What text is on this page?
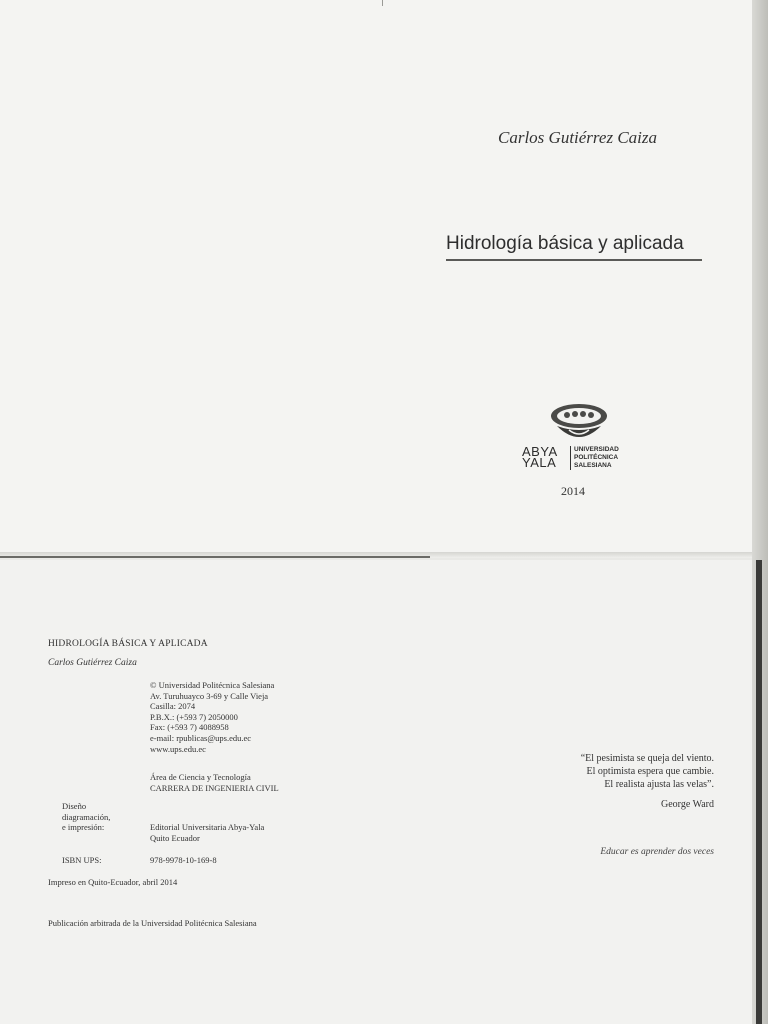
Carlos Gutiérrez Caiza
Hidrología básica y aplicada
ABYA
YALA
UNIVERSIDAD
POLITÉCNICA
SALESIANA
2014
HIDROLOGÍA BÁSICA Y APLICADA
Carlos Gutiérrez Caiza
© Universidad Politécnica Salesiana
Av. Turuhuayco 3-69 y Calle Vieja
Casilla: 2074
P.B.X.: (+593 7) 2050000
Fax: (+593 7) 4088958
e-mail: rpublicas@ups.edu.ec
www.ups.edu.ec
Área de Ciencia y Tecnología
CARRERA DE INGENIERIA CIVIL
Diseño
diagramación,
e impresión:	Editorial Universitaria Abya-Yala
Quito Ecuador
ISBN UPS:	978-9978-10-169-8
Impreso en Quito-Ecuador, abril 2014
Publicación arbitrada de la Universidad Politécnica Salesiana
“El pesimista se queja del viento.
El optimista espera que cambie.
El realista ajusta las velas”.
George Ward
Educar es aprender dos veces
